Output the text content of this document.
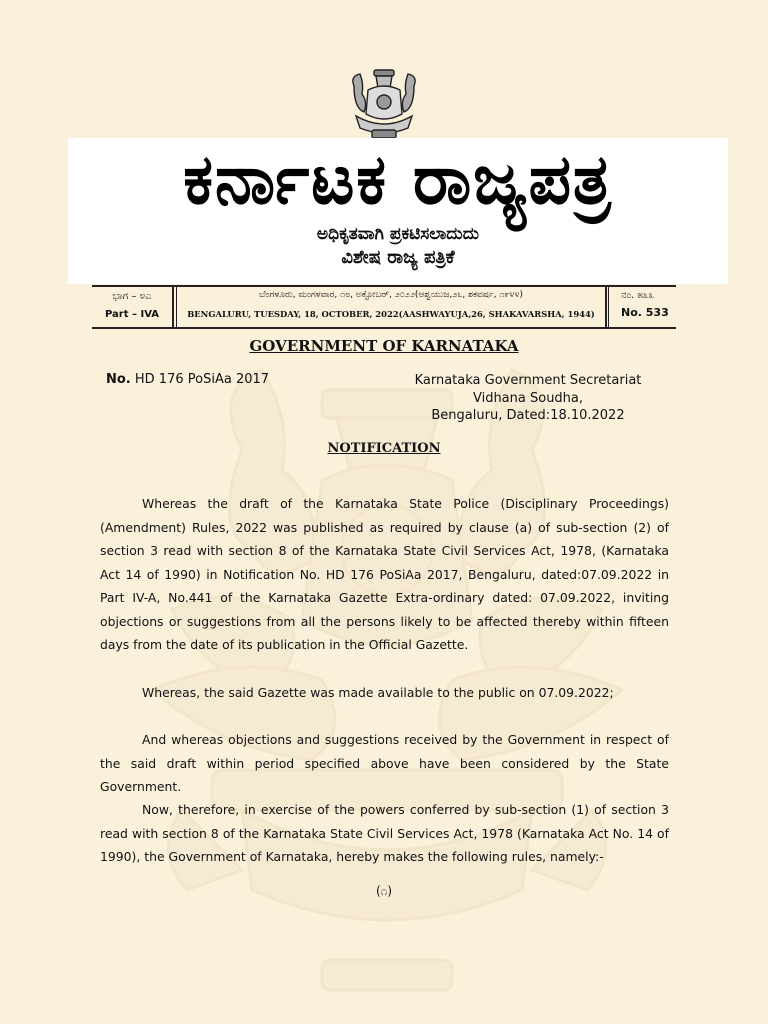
ಕರ್ನಾಟಕ ರಾಜ್ಯಪತ್ರ
ಅಧಿಕೃತವಾಗಿ ಪ್ರಕಟಿಸಲಾದುದು
ವಿಶೇಷ ರಾಜ್ಯ ಪತ್ರಿಕೆ
ಭಾಗ – ೪ಎ
Part – IVA
ಬೆಂಗಳೂರು, ಮಂಗಳವಾರ, ೧೮, ಅಕ್ಟೋಬರ್, ೨೦೨೨(ಆಶ್ವಯುಜ,೨೬, ಶಕವರ್ಷ, ೧೯೪೪)
BENGALURU, TUESDAY, 18, OCTOBER, 2022(AASHWAYUJA,26, SHAKAVARSHA, 1944)
ನಂ. ೫೩೩
No. 533
GOVERNMENT OF KARNATAKA
No. HD 176 PoSiAa 2017	Karnataka Government Secretariat
Vidhana Soudha,
Bengaluru, Dated:18.10.2022
NOTIFICATION

Whereas the draft of the Karnataka State Police (Disciplinary Proceedings) (Amendment) Rules, 2022 was published as required by clause (a) of sub-section (2) of section 3 read with section 8 of the Karnataka State Civil Services Act, 1978, (Karnataka Act 14 of 1990) in Notification No. HD 176 PoSiAa 2017, Bengaluru, dated:07.09.2022 in Part IV-A, No.441 of the Karnataka Gazette Extra-ordinary dated: 07.09.2022, inviting objections or suggestions from all the persons likely to be affected thereby within fifteen days from the date of its publication in the Official Gazette.

Whereas, the said Gazette was made available to the public on 07.09.2022;

And whereas objections and suggestions received by the Government in respect of the said draft within period specified above have been considered by the State Government.

Now, therefore, in exercise of the powers conferred by sub-section (1) of section 3 read with section 8 of the Karnataka State Civil Services Act, 1978 (Karnataka Act No. 14 of 1990), the Government of Karnataka, hereby makes the following rules, namely:-

(೧)
